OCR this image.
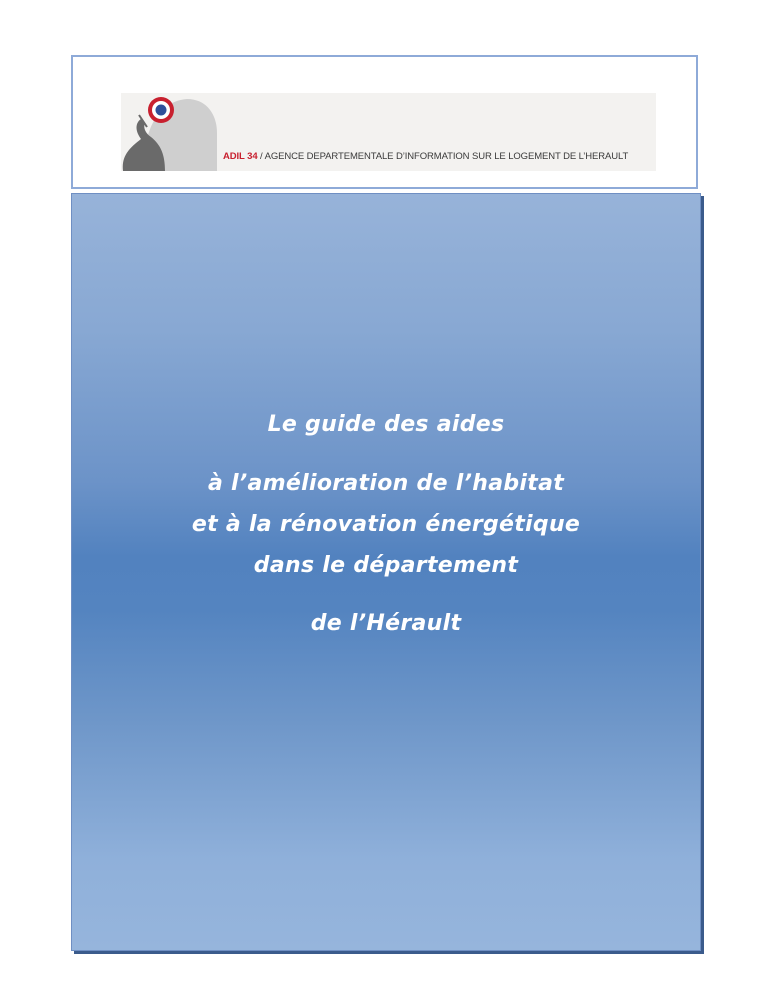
ADIL 34 / AGENCE DEPARTEMENTALE D’INFORMATION SUR LE LOGEMENT DE L’HERAULT
Le guide des aides
à l’amélioration de l’habitat
et à la rénovation énergétique
dans le département
de l’Hérault
